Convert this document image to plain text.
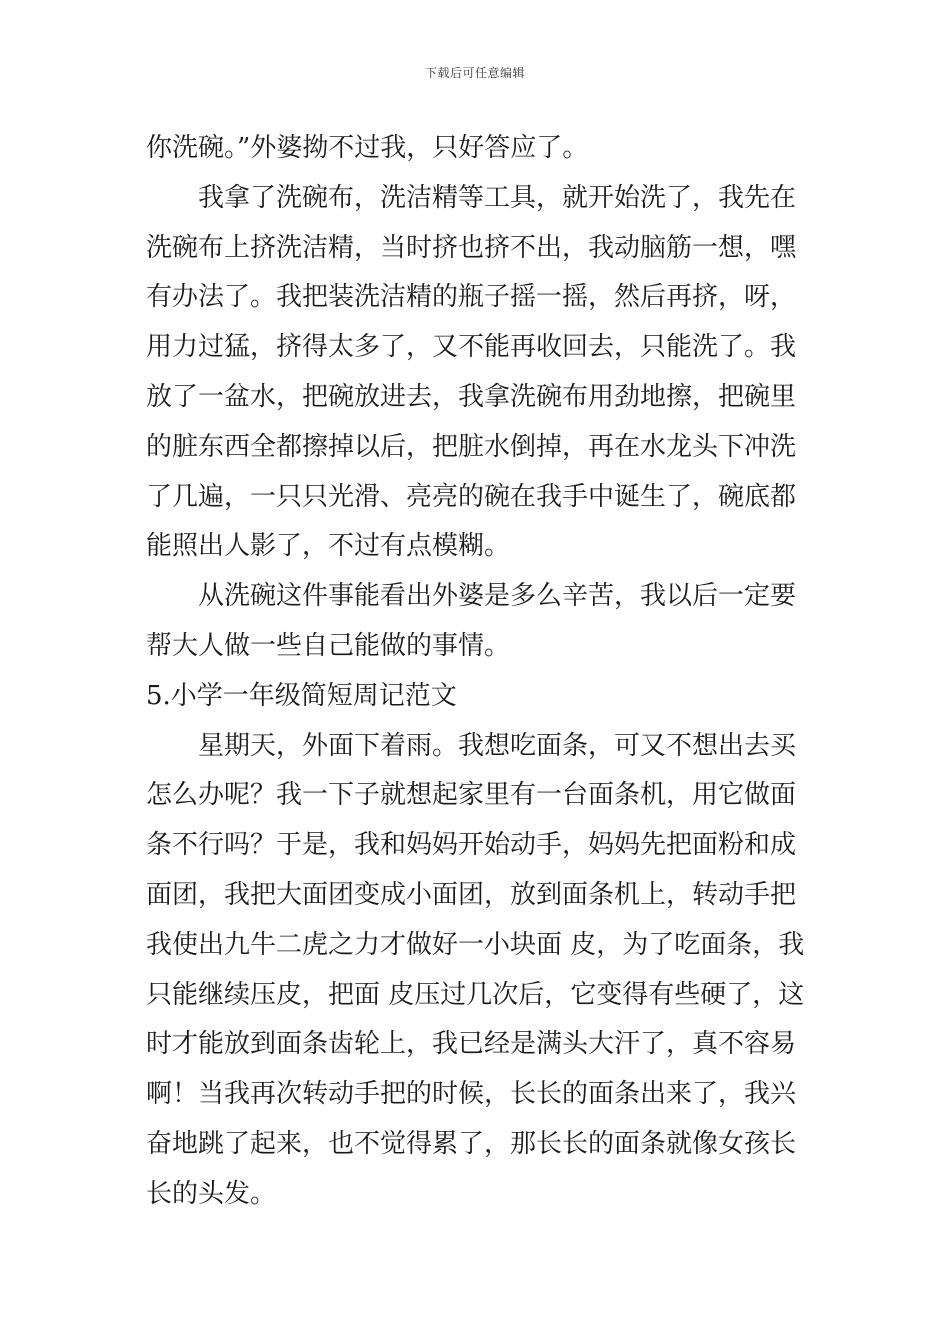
下载后可任意编辑
你洗碗。”外婆拗不过我，只好答应了。
我拿了洗碗布，洗洁精等工具，就开始洗了，我先在
洗碗布上挤洗洁精，当时挤也挤不出，我动脑筋一想，嘿
有办法了。我把装洗洁精的瓶子摇一摇，然后再挤，呀，
用力过猛，挤得太多了，又不能再收回去，只能洗了。我
放了一盆水，把碗放进去，我拿洗碗布用劲地擦，把碗里
的脏东西全都擦掉以后，把脏水倒掉，再在水龙头下冲洗
了几遍，一只只光滑、亮亮的碗在我手中诞生了，碗底都
能照出人影了，不过有点模糊。
从洗碗这件事能看出外婆是多么辛苦，我以后一定要
帮大人做一些自己能做的事情。
5.小学一年级简短周记范文
星期天，外面下着雨。我想吃面条，可又不想出去买
怎么办呢？我一下子就想起家里有一台面条机，用它做面
条不行吗？于是，我和妈妈开始动手，妈妈先把面粉和成
面团，我把大面团变成小面团，放到面条机上，转动手把
我使出九牛二虎之力才做好一小块面 皮，为了吃面条，我
只能继续压皮，把面 皮压过几次后，它变得有些硬了，这
时才能放到面条齿轮上，我已经是满头大汗了，真不容易
啊！当我再次转动手把的时候，长长的面条出来了，我兴
奋地跳了起来，也不觉得累了，那长长的面条就像女孩长
长的头发。
